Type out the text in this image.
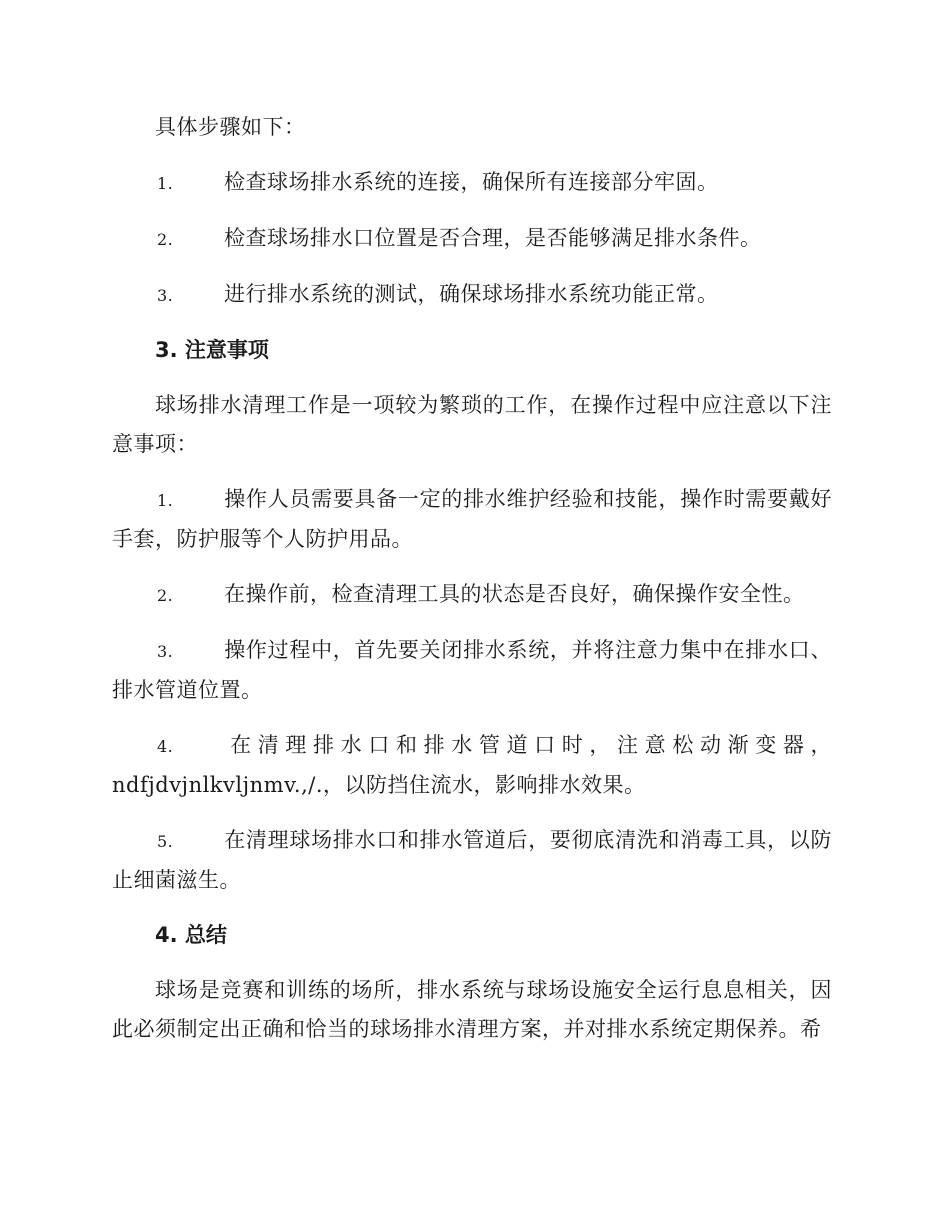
具体步骤如下：

1. 检查球场排水系统的连接，确保所有连接部分牢固。

2. 检查球场排水口位置是否合理，是否能够满足排水条件。

3. 进行排水系统的测试，确保球场排水系统功能正常。

3. 注意事项

球场排水清理工作是一项较为繁琐的工作，在操作过程中应注意以下注意事项：

1. 操作人员需要具备一定的排水维护经验和技能，操作时需要戴好手套，防护服等个人防护用品。

2. 在操作前，检查清理工具的状态是否良好，确保操作安全性。

3. 操作过程中，首先要关闭排水系统，并将注意力集中在排水口、排水管道位置。

4. 在清理排水口和排水管道口时，注意松动渐变器，ndfjdvjnlkvljnmv.,/.，以防挡住流水，影响排水效果。

5. 在清理球场排水口和排水管道后，要彻底清洗和消毒工具，以防止细菌滋生。

4. 总结

球场是竞赛和训练的场所，排水系统与球场设施安全运行息息相关，因此必须制定出正确和恰当的球场排水清理方案，并对排水系统定期保养。希
